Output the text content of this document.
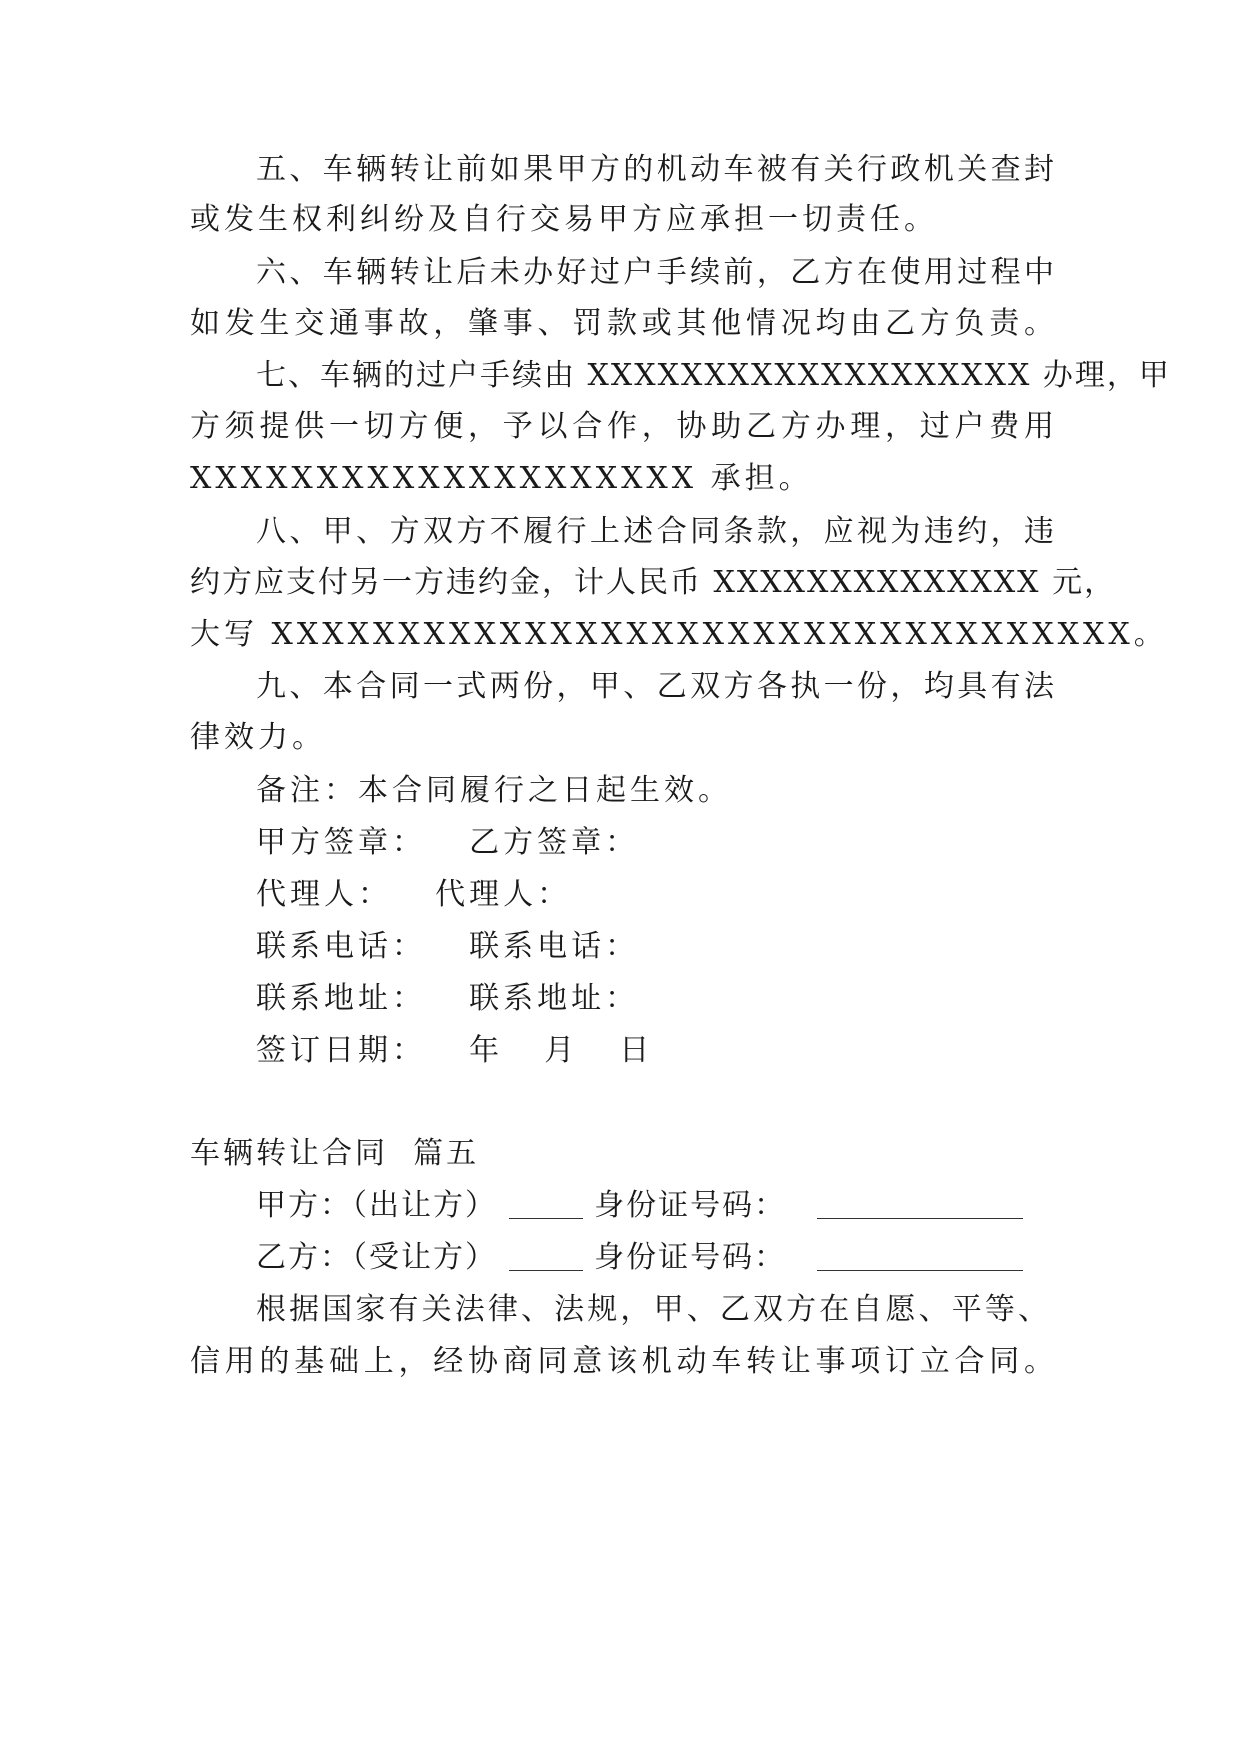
五、车辆转让前如果甲方的机动车被有关行政机关查封
或发生权利纠纷及自行交易甲方应承担一切责任。
六、车辆转让后未办好过户手续前，乙方在使用过程中
如发生交通事故，肇事、罚款或其他情况均由乙方负责。
七、车辆的过户手续由 XXXXXXXXXXXXXXXXXXX 办理，甲
方须提供一切方便，予以合作，协助乙方办理，过户费用
XXXXXXXXXXXXXXXXXXXX 承担。
八、甲、方双方不履行上述合同条款，应视为违约，违
约方应支付另一方违约金，计人民币 XXXXXXXXXXXXXX 元，
大写 XXXXXXXXXXXXXXXXXXXXXXXXXXXXXXXXXX。
九、本合同一式两份，甲、乙双方各执一份，均具有法
律效力。
备注：本合同履行之日起生效。
甲方签章： 乙方签章：
代理人： 代理人：
联系电话： 联系电话：
联系地址： 联系地址：
签订日期： 年 月 日
车辆转让合同  篇五
甲方：（出让方）	身份证号码：
乙方：（受让方）	身份证号码：
根据国家有关法律、法规，甲、乙双方在自愿、平等、
信用的基础上，经协商同意该机动车转让事项订立合同。
